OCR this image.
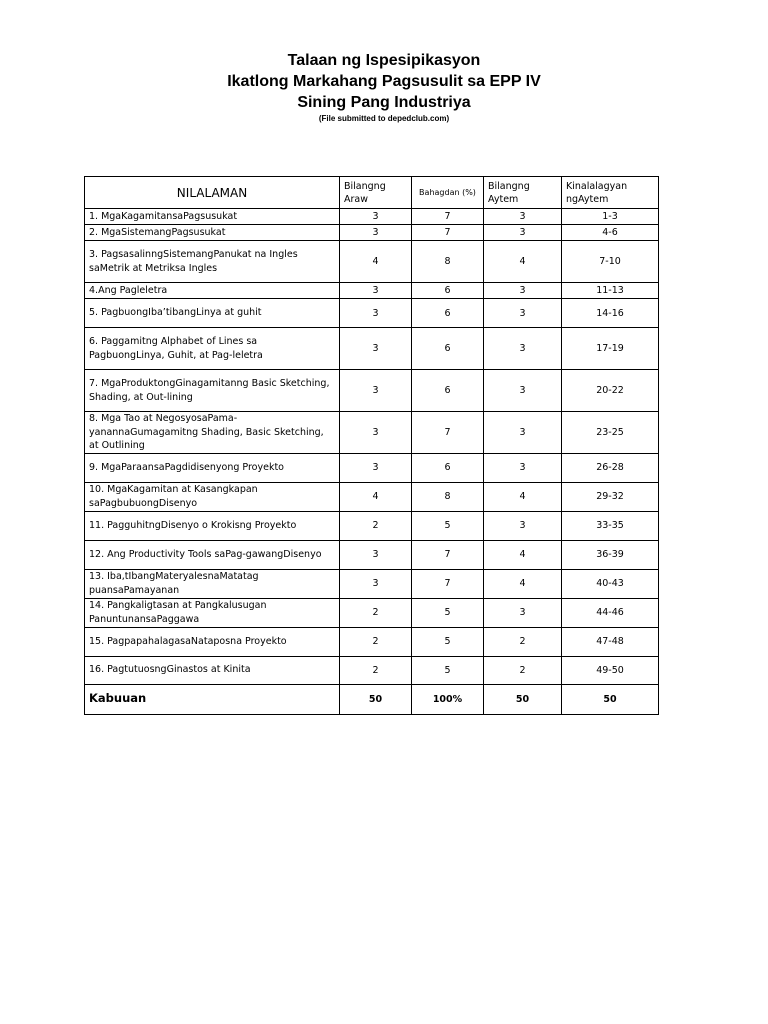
Talaan ng Ispesipikasyon
Ikatlong Markahang Pagsusulit sa EPP IV
Sining Pang Industriya
(File submitted to depedclub.com)
NILALAMAN	Bilangng Araw	Bahagdan (%)	Bilangng Aytem	Kinalalagyan ngAytem
1. MgaKagamitansaPagsusukat	3	7	3	1-3
2. MgaSistemangPagsusukat	3	7	3	4-6
3. PagsasalinngSistemangPanukat na Ingles saMetrik at Metriksa Ingles	4	8	4	7-10
4.Ang Pagleletra	3	6	3	11-13
5. PagbuongIba’tibangLinya at guhit	3	6	3	14-16
6. Paggamitng Alphabet of Lines sa PagbuongLinya, Guhit, at Pag-leletra	3	6	3	17-19
7. MgaProduktongGinagamitanng Basic Sketching, Shading, at Out-lining	3	6	3	20-22
8. Mga Tao at NegosyosaPama-yanannaGumagamitng Shading, Basic Sketching, at Outlining	3	7	3	23-25
9. MgaParaansaPagdidisenyong Proyekto	3	6	3	26-28
10. MgaKagamitan at Kasangkapan saPagbubuongDisenyo	4	8	4	29-32
11. PagguhitngDisenyo o Krokisng Proyekto	2	5	3	33-35
12. Ang Productivity Tools saPag-gawangDisenyo	3	7	4	36-39
13. Iba,tIbangMateryalesnaMatatag puansaPamayanan	3	7	4	40-43
14. Pangkaligtasan at Pangkalusugan PanuntunansaPaggawa	2	5	3	44-46
15. PagpapahalagasaNataposna Proyekto	2	5	2	47-48
16. PagtutuosngGinastos at Kinita	2	5	2	49-50
Kabuuan	50	100%	50	50
